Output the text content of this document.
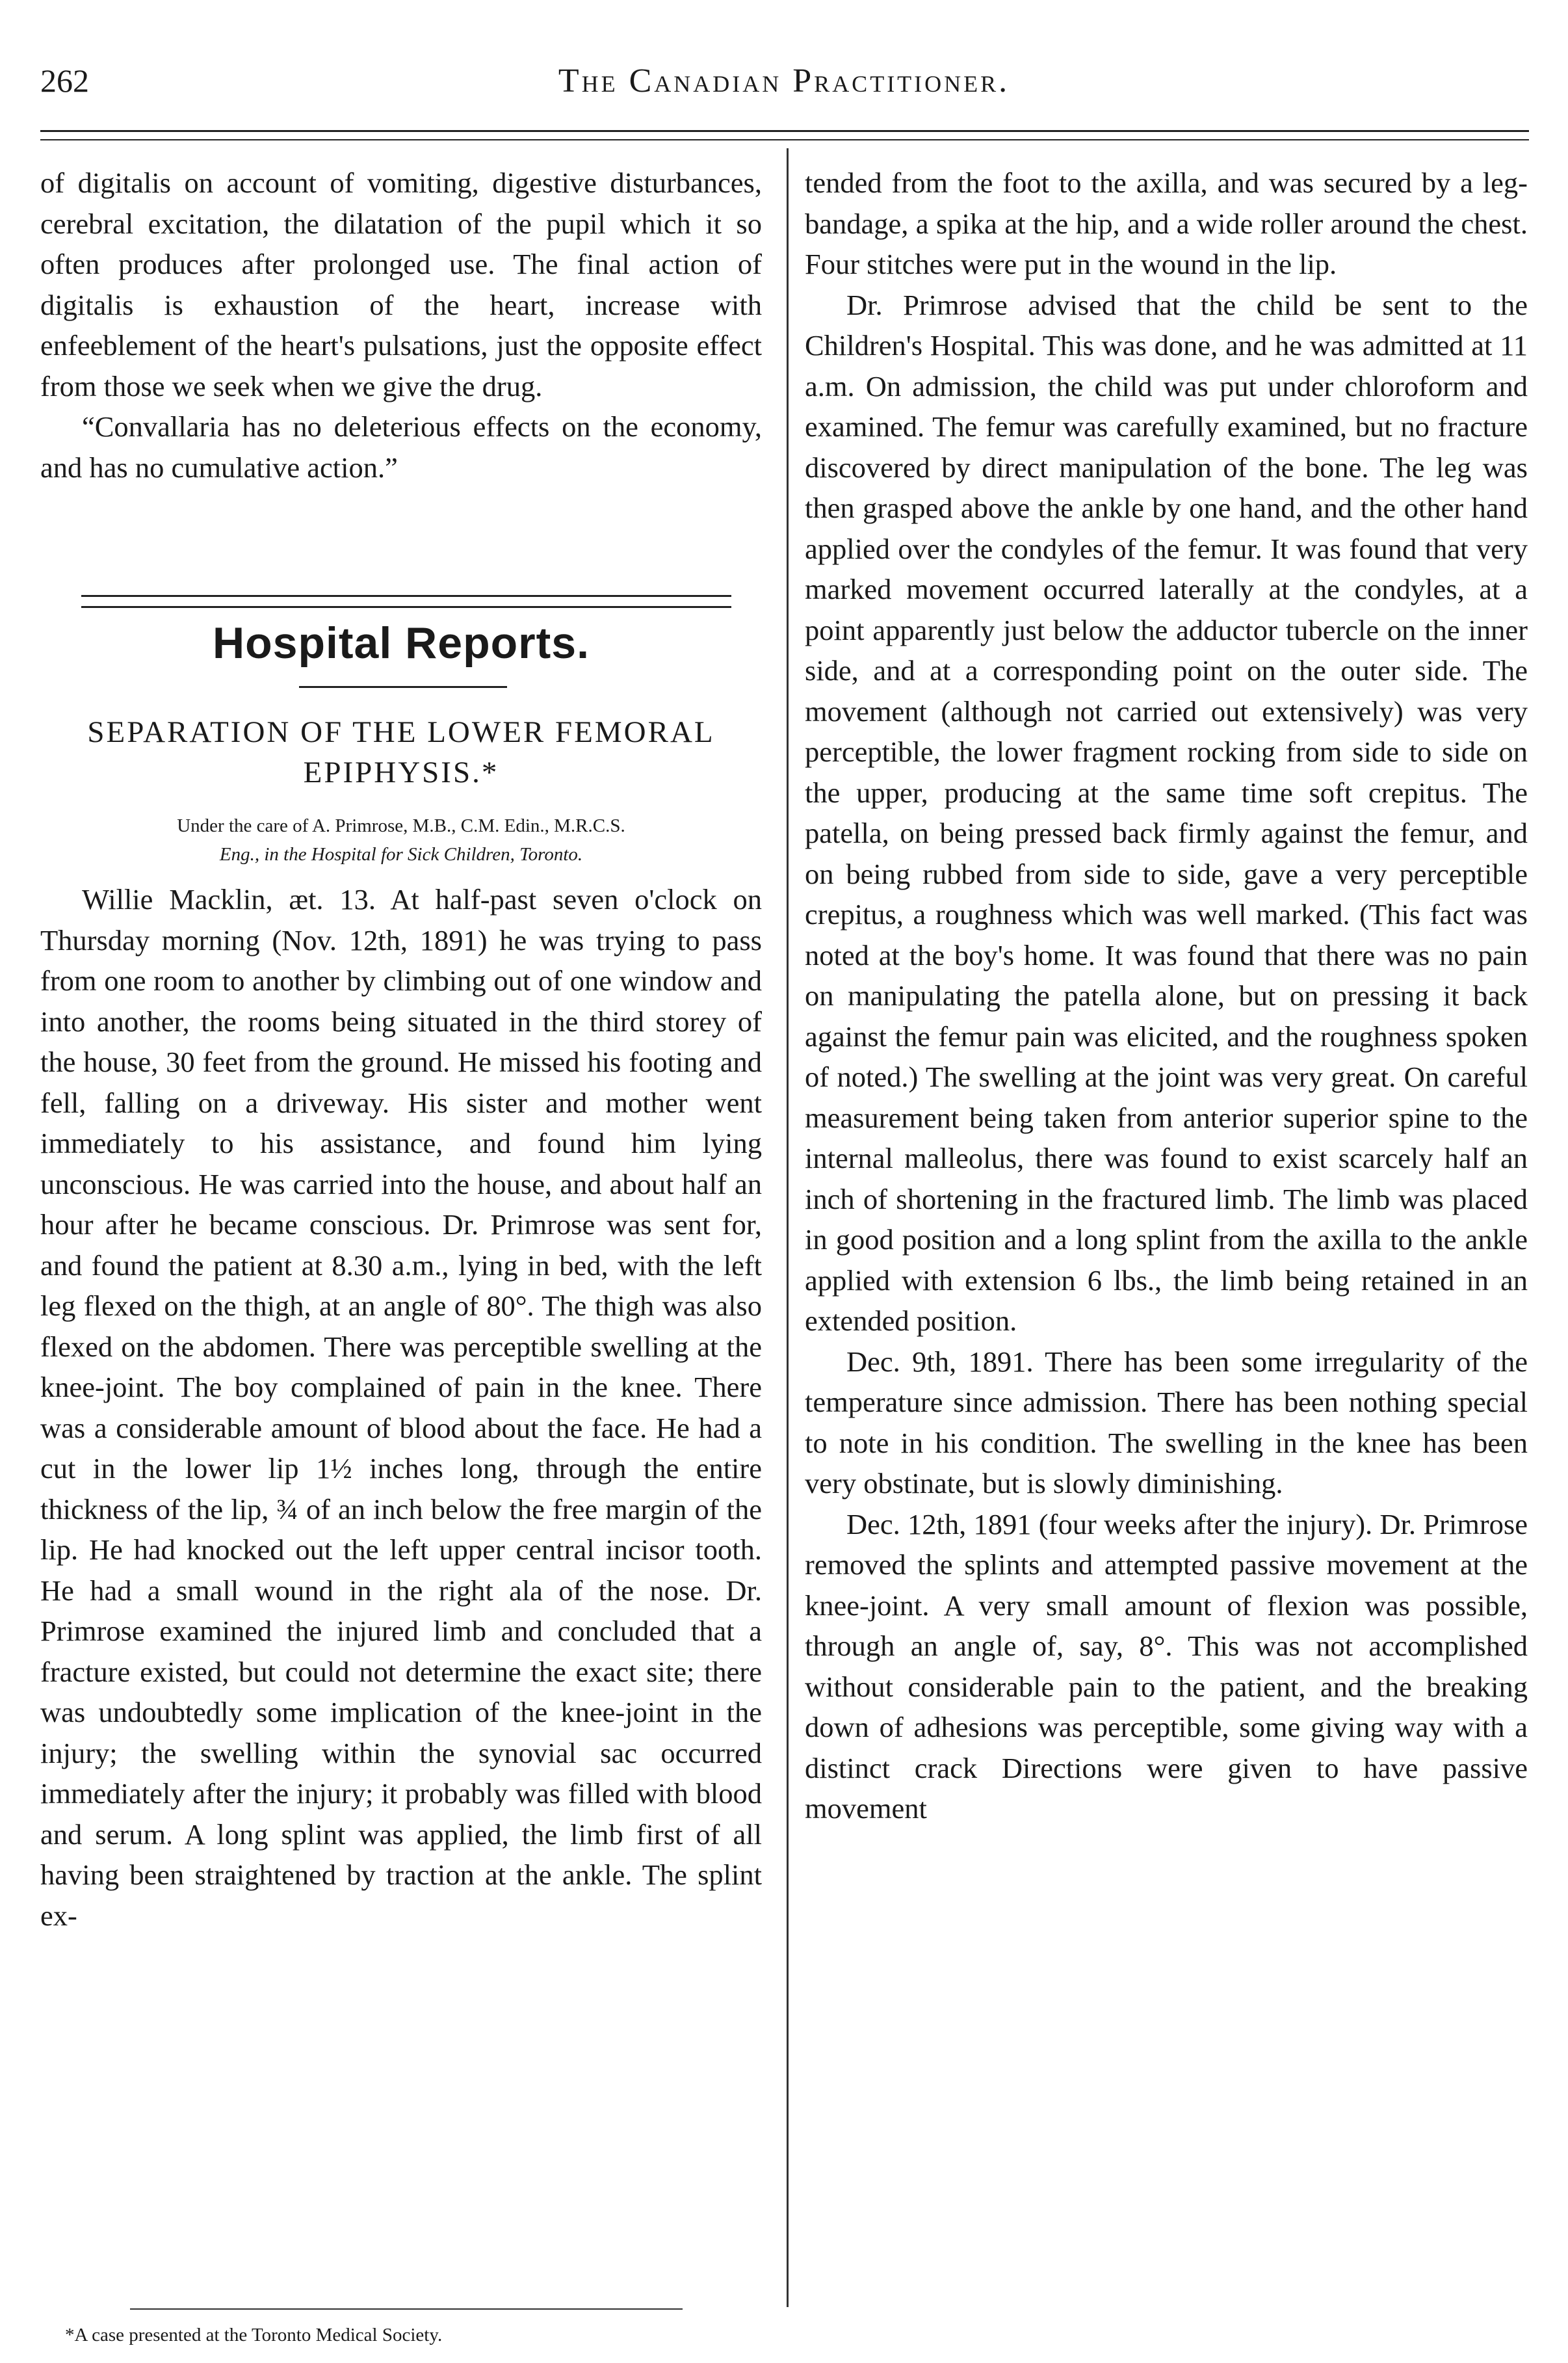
262	The Canadian Practitioner.

of digitalis on account of vomiting, digestive disturbances, cerebral excitation, the dilatation of the pupil which it so often produces after prolonged use. The final action of digitalis is exhaustion of the heart, increase with enfeeblement of the heart's pulsations, just the opposite effect from those we seek when we give the drug.

“Convallaria has no deleterious effects on the economy, and has no cumulative action.”

Hospital Reports.
SEPARATION OF THE LOWER FEMORAL EPIPHYSIS.*
Under the care of A. Primrose, M.B., C.M. Edin., M.R.C.S.
Eng., in the Hospital for Sick Children, Toronto.

Willie Macklin, æt. 13. At half-past seven o'clock on Thursday morning (Nov. 12th, 1891) he was trying to pass from one room to another by climbing out of one window and into another, the rooms being situated in the third storey of the house, 30 feet from the ground. He missed his footing and fell, falling on a driveway. His sister and mother went immediately to his assistance, and found him lying unconscious. He was carried into the house, and about half an hour after he became conscious. Dr. Primrose was sent for, and found the patient at 8.30 a.m., lying in bed, with the left leg flexed on the thigh, at an angle of 80°. The thigh was also flexed on the abdomen. There was perceptible swelling at the knee-joint. The boy complained of pain in the knee. There was a considerable amount of blood about the face. He had a cut in the lower lip 1½ inches long, through the entire thickness of the lip, ¾ of an inch below the free margin of the lip. He had knocked out the left upper central incisor tooth. He had a small wound in the right ala of the nose. Dr. Primrose examined the injured limb and concluded that a fracture existed, but could not determine the exact site; there was undoubtedly some implication of the knee-joint in the injury; the swelling within the synovial sac occurred immediately after the injury; it probably was filled with blood and serum. A long splint was applied, the limb first of all having been straightened by traction at the ankle. The splint ex-

*A case presented at the Toronto Medical Society.

tended from the foot to the axilla, and was secured by a leg-bandage, a spika at the hip, and a wide roller around the chest. Four stitches were put in the wound in the lip.

Dr. Primrose advised that the child be sent to the Children's Hospital. This was done, and he was admitted at 11 a.m. On admission, the child was put under chloroform and examined. The femur was carefully examined, but no fracture discovered by direct manipulation of the bone. The leg was then grasped above the ankle by one hand, and the other hand applied over the condyles of the femur. It was found that very marked movement occurred laterally at the condyles, at a point apparently just below the adductor tubercle on the inner side, and at a corresponding point on the outer side. The movement (although not carried out extensively) was very perceptible, the lower fragment rocking from side to side on the upper, producing at the same time soft crepitus. The patella, on being pressed back firmly against the femur, and on being rubbed from side to side, gave a very perceptible crepitus, a roughness which was well marked. (This fact was noted at the boy's home. It was found that there was no pain on manipulating the patella alone, but on pressing it back against the femur pain was elicited, and the roughness spoken of noted.) The swelling at the joint was very great. On careful measurement being taken from anterior superior spine to the internal malleolus, there was found to exist scarcely half an inch of shortening in the fractured limb. The limb was placed in good position and a long splint from the axilla to the ankle applied with extension 6 lbs., the limb being retained in an extended position.

Dec. 9th, 1891. There has been some irregularity of the temperature since admission. There has been nothing special to note in his condition. The swelling in the knee has been very obstinate, but is slowly diminishing.

Dec. 12th, 1891 (four weeks after the injury). Dr. Primrose removed the splints and attempted passive movement at the knee-joint. A very small amount of flexion was possible, through an angle of, say, 8°. This was not accomplished without considerable pain to the patient, and the breaking down of adhesions was perceptible, some giving way with a distinct crack Directions were given to have passive movement
